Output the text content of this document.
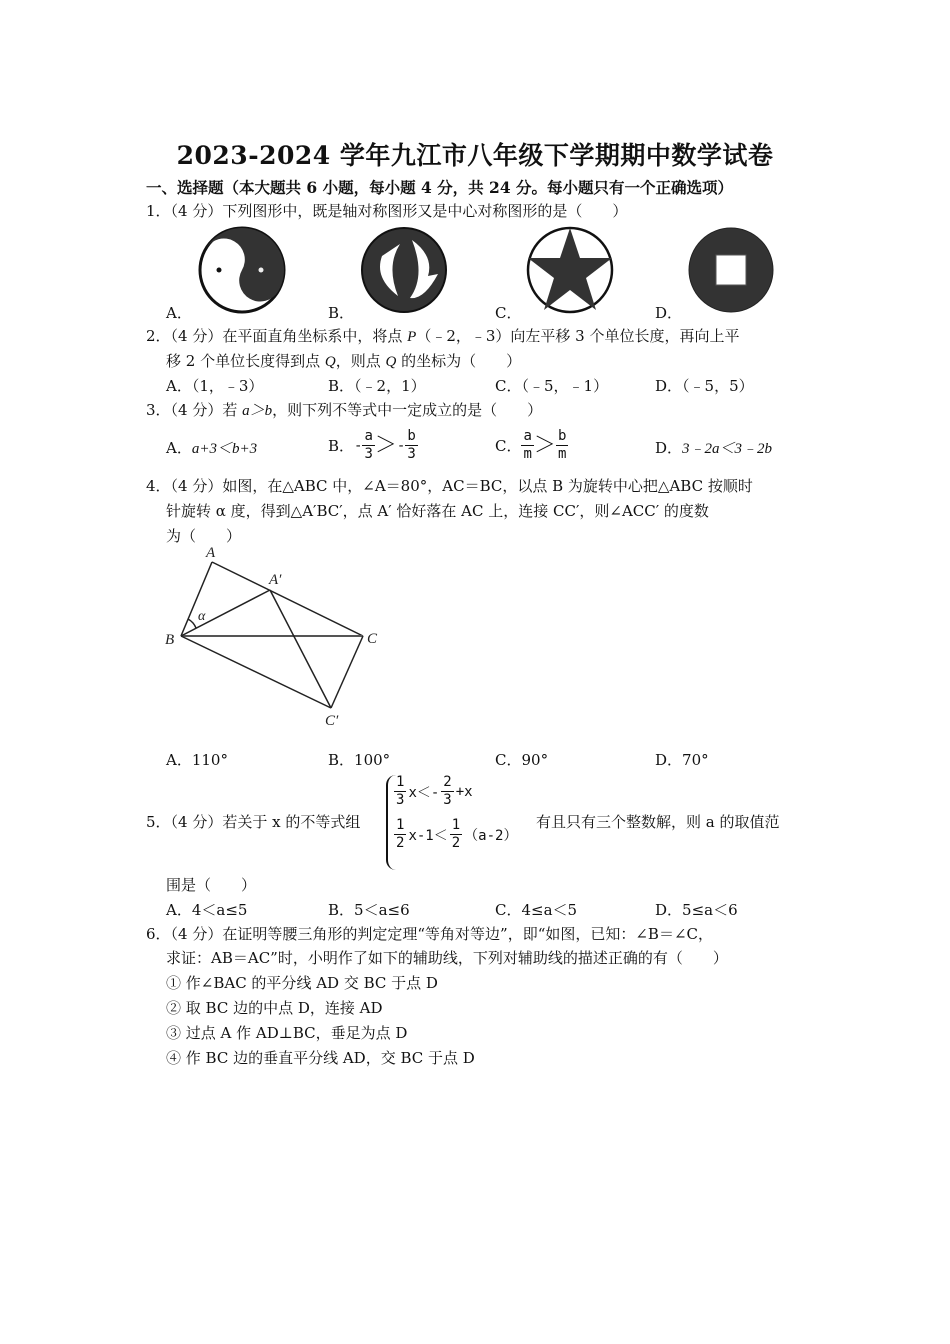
2023-2024 学年九江市八年级下学期期中数学试卷
一、选择题（本大题共 6 小题，每小题 4 分，共 24 分。每小题只有一个正确选项）
1．（4 分）下列图形中，既是轴对称图形又是中心对称图形的是（　　）
A．	B．	C．	D．
2．（4 分）在平面直角坐标系中，将点 P（﹣2，﹣3）向左平移 3 个单位长度，再向上平
移 2 个单位长度得到点 Q，则点 Q 的坐标为（　　）
A．（1，﹣3）	B．（﹣2，1）	C．（﹣5，﹣1）	D．（﹣5，5）
3．（4 分）若 a＞b，则下列不等式中一定成立的是（　　）
A．a+3＜b+3	B． - $\frac{a}{3}$ ＞ - $\frac{b}{3}$	C． $\frac{a}{m} > \frac{b}{m}$	D．3﹣2a＜3﹣2b
4．（4 分）如图，在△ABC 中，∠A＝80°，AC＝BC，以点 B 为旋转中心把△ABC 按顺时
针旋转 α 度，得到△A′BC′，点 A′ 恰好落在 AC 上，连接 CC′，则∠ACC′ 的度数
为（　　）
A
A′
B	C
C′
α
A．110°	B．100°	C．90°	D．70°
5．（4 分）若关于 x 的不等式组
$\frac{1}{3} x<- \frac{2}{3} +x$
$\frac{1}{2} x-1< \frac{1}{2} (a-2)$
有且只有三个整数解，则 a 的取值范
围是（　　）
A．4＜a≤5	B．5＜a≤6	C．4≤a＜5	D．5≤a＜6
6．（4 分）在证明等腰三角形的判定定理“等角对等边”，即“如图，已知：∠B＝∠C，
求证：AB＝AC”时，小明作了如下的辅助线，下列对辅助线的描述正确的有（　　）
① 作∠BAC 的平分线 AD 交 BC 于点 D
② 取 BC 边的中点 D，连接 AD
③ 过点 A 作 AD⊥BC，垂足为点 D
④ 作 BC 边的垂直平分线 AD，交 BC 于点 D
